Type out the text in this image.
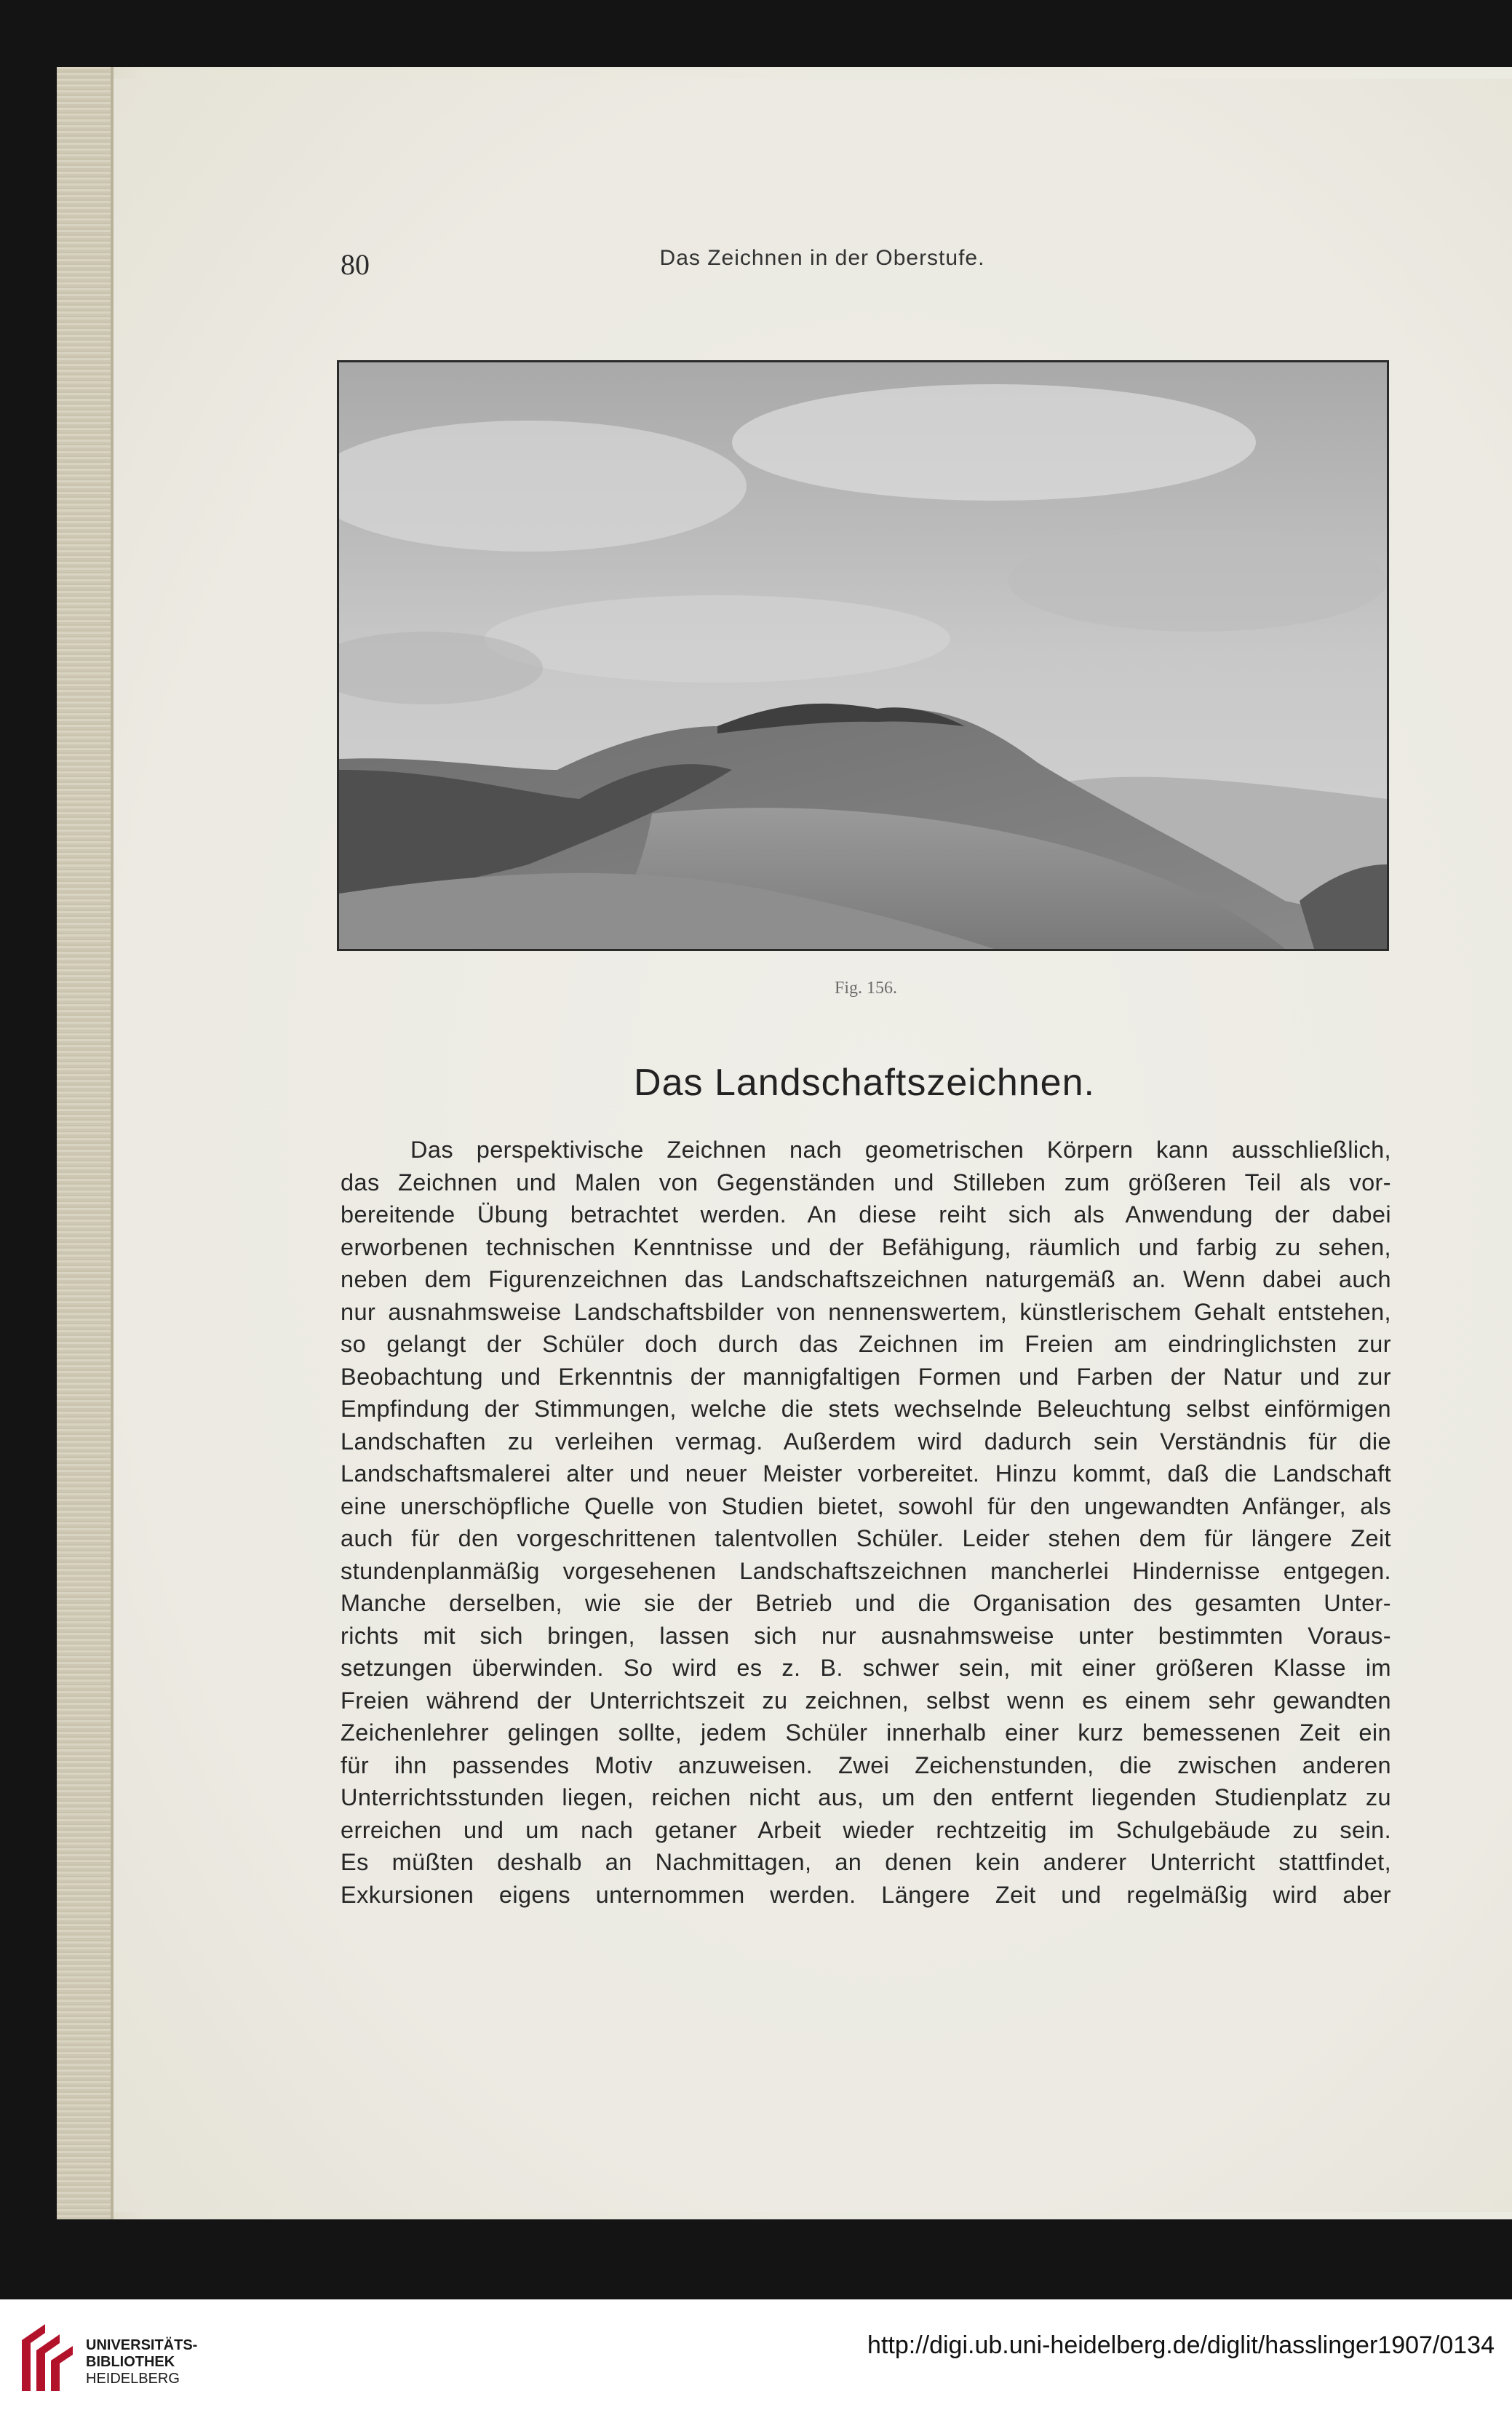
80	Das Zeichnen in der Oberstufe.
Fig. 156.
Das Landschaftszeichnen.
Das perspektivische Zeichnen nach geometrischen Körpern kann ausschließlich,
das Zeichnen und Malen von Gegenständen und Stilleben zum größeren Teil als vor-
bereitende Übung betrachtet werden. An diese reiht sich als Anwendung der dabei
erworbenen technischen Kenntnisse und der Befähigung, räumlich und farbig zu sehen,
neben dem Figurenzeichnen das Landschaftszeichnen naturgemäß an. Wenn dabei auch
nur ausnahmsweise Landschaftsbilder von nennenswertem, künstlerischem Gehalt entstehen,
so gelangt der Schüler doch durch das Zeichnen im Freien am eindringlichsten zur
Beobachtung und Erkenntnis der mannigfaltigen Formen und Farben der Natur und zur
Empfindung der Stimmungen, welche die stets wechselnde Beleuchtung selbst einförmigen
Landschaften zu verleihen vermag. Außerdem wird dadurch sein Verständnis für die
Landschaftsmalerei alter und neuer Meister vorbereitet. Hinzu kommt, daß die Landschaft
eine unerschöpfliche Quelle von Studien bietet, sowohl für den ungewandten Anfänger, als
auch für den vorgeschrittenen talentvollen Schüler. Leider stehen dem für längere Zeit
stundenplanmäßig vorgesehenen Landschaftszeichnen mancherlei Hindernisse entgegen.
Manche derselben, wie sie der Betrieb und die Organisation des gesamten Unter-
richts mit sich bringen, lassen sich nur ausnahmsweise unter bestimmten Voraus-
setzungen überwinden. So wird es z. B. schwer sein, mit einer größeren Klasse im
Freien während der Unterrichtszeit zu zeichnen, selbst wenn es einem sehr gewandten
Zeichenlehrer gelingen sollte, jedem Schüler innerhalb einer kurz bemessenen Zeit ein
für ihn passendes Motiv anzuweisen. Zwei Zeichenstunden, die zwischen anderen
Unterrichtsstunden liegen, reichen nicht aus, um den entfernt liegenden Studienplatz zu
erreichen und um nach getaner Arbeit wieder rechtzeitig im Schulgebäude zu sein.
Es müßten deshalb an Nachmittagen, an denen kein anderer Unterricht stattfindet,
Exkursionen eigens unternommen werden. Längere Zeit und regelmäßig wird aber
UNIVERSITÄTS-
BIBLIOTHEK
HEIDELBERG
http://digi.ub.uni-heidelberg.de/diglit/hasslinger1907/0134
